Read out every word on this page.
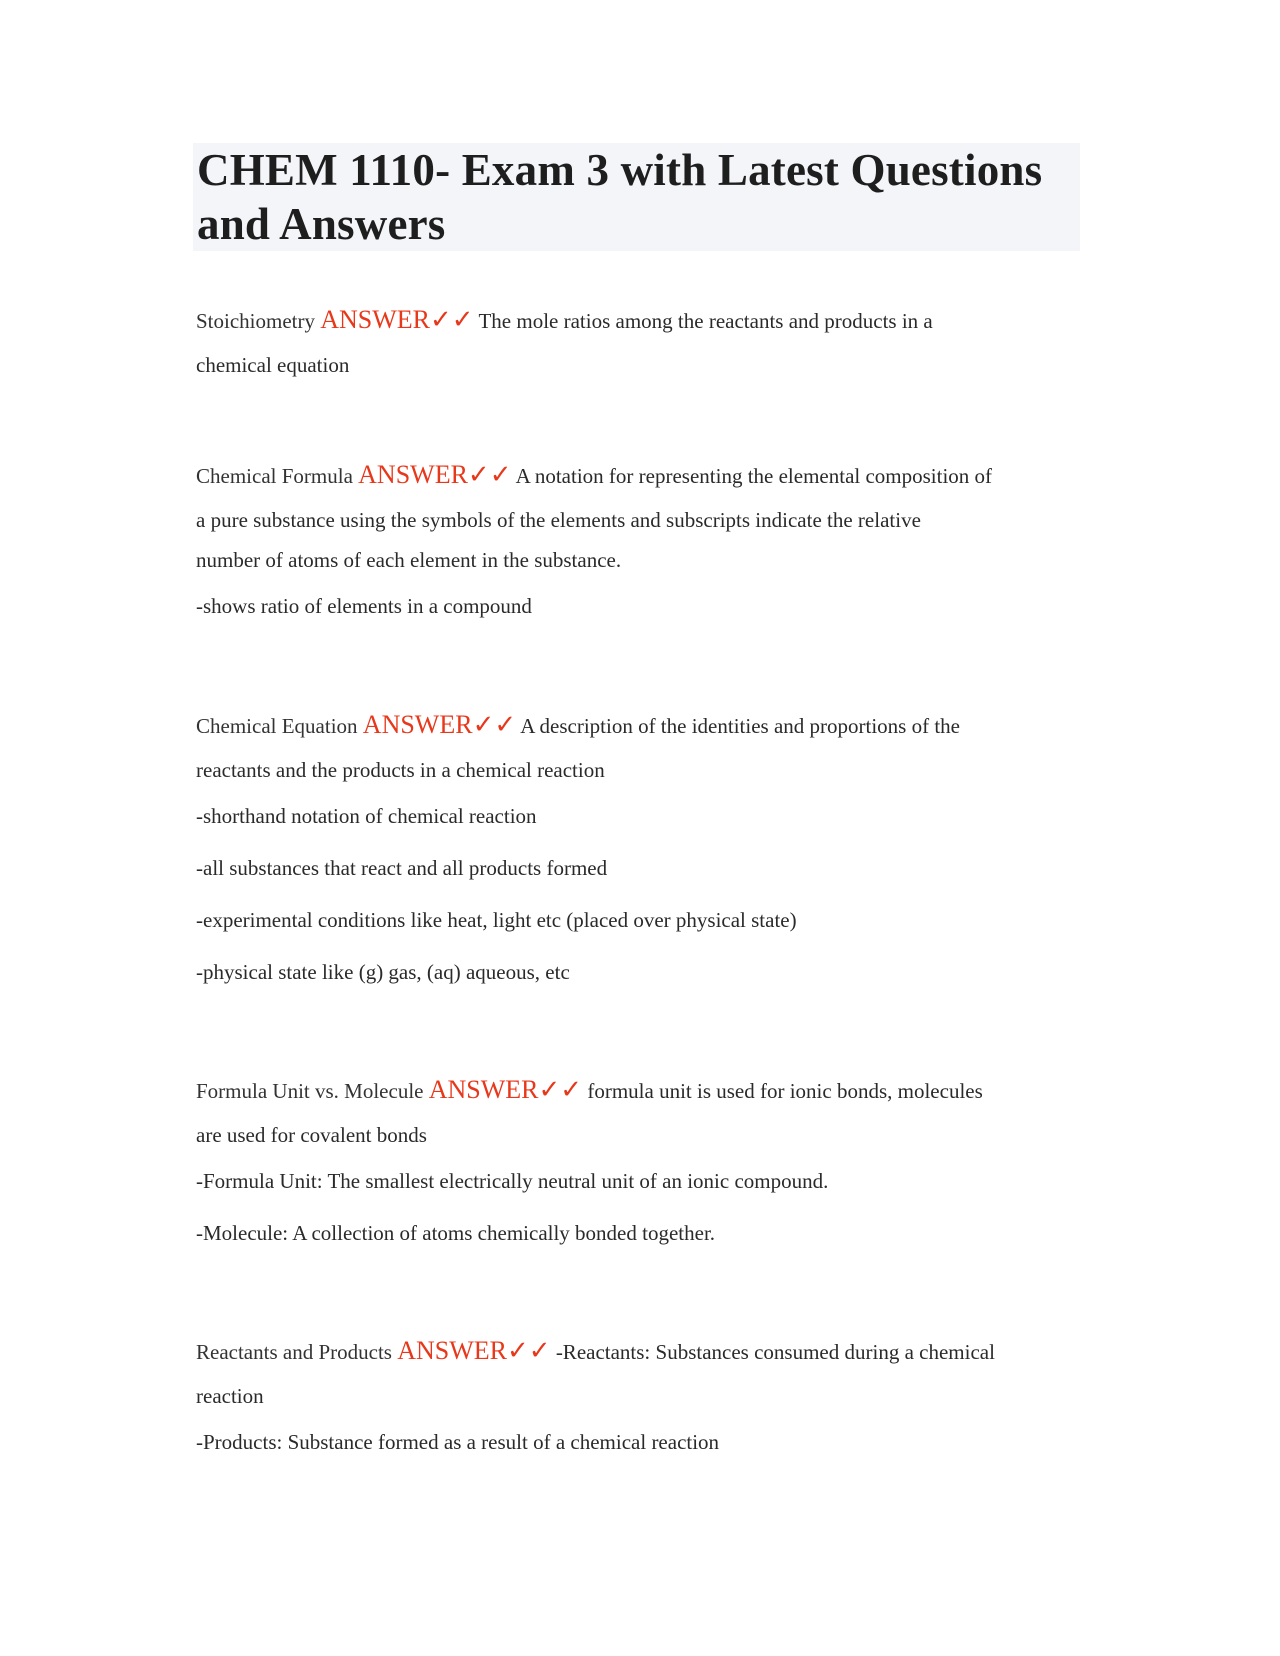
CHEM 1110- Exam 3 with Latest Questions and Answers

Stoichiometry ANSWER✓✓ The mole ratios among the reactants and products in a

chemical equation

Chemical Formula ANSWER✓✓ A notation for representing the elemental composition of

a pure substance using the symbols of the elements and subscripts indicate the relative

number of atoms of each element in the substance.

-shows ratio of elements in a compound

Chemical Equation ANSWER✓✓ A description of the identities and proportions of the

reactants and the products in a chemical reaction

-shorthand notation of chemical reaction

-all substances that react and all products formed

-experimental conditions like heat, light etc (placed over physical state)

-physical state like (g) gas, (aq) aqueous, etc

Formula Unit vs. Molecule ANSWER✓✓ formula unit is used for ionic bonds, molecules

are used for covalent bonds

-Formula Unit: The smallest electrically neutral unit of an ionic compound.

-Molecule: A collection of atoms chemically bonded together.

Reactants and Products ANSWER✓✓ -Reactants: Substances consumed during a chemical

reaction

-Products: Substance formed as a result of a chemical reaction
